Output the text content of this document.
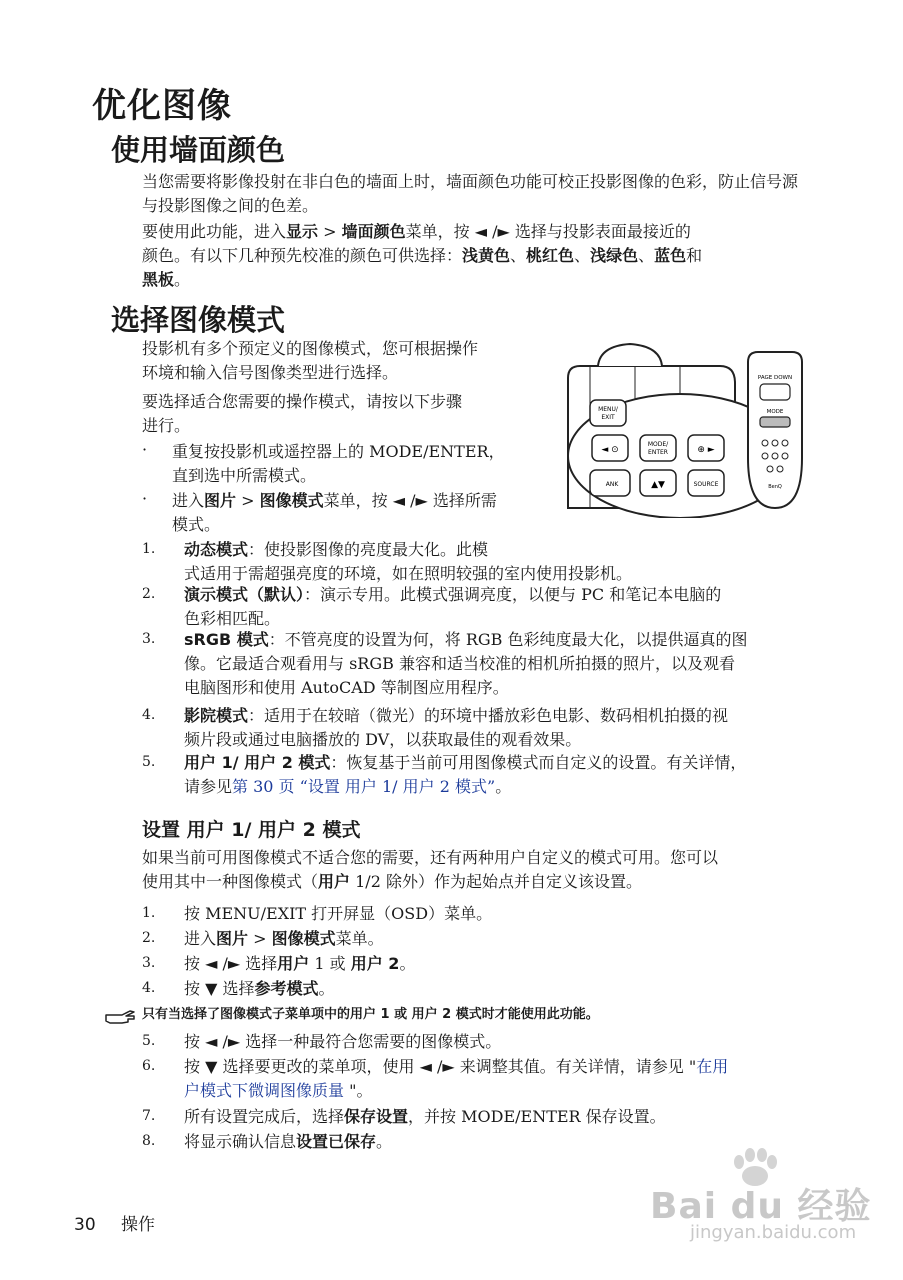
优化图像
使用墙面颜色
当您需要将影像投射在非白色的墙面上时，墙面颜色功能可校正投影图像的色彩，防止信号源与投影图像之间的色差。
要使用此功能，进入显示 > 墙面颜色菜单，按 ◄ /► 选择与投影表面最接近的
颜色。有以下几种预先校准的颜色可供选择：浅黄色、桃红色、浅绿色、蓝色和
黑板。
选择图像模式
投影机有多个预定义的图像模式，您可根据操作
环境和输入信号图像类型进行选择。
要选择适合您需要的操作模式，请按以下步骤
进行。
· 重复按投影机或遥控器上的 MODE/ENTER，
直到选中所需模式。
· 进入图片 > 图像模式菜单，按 ◄ /► 选择所需
模式。
MENU/
EXIT
◄ ⊙
MODE/
ENTER	⊕ ►
▲▼	SOURCE
ANK
PAGE DOWN
MODE
BenQ
1.	动态模式：使投影图像的亮度最大化。此模
式适用于需超强亮度的环境，如在照明较强的室内使用投影机。
2.	演示模式（默认）：演示专用。此模式强调亮度，以便与 PC 和笔记本电脑的
色彩相匹配。
3.	sRGB 模式：不管亮度的设置为何，将 RGB 色彩纯度最大化，以提供逼真的图
像。它最适合观看用与 sRGB 兼容和适当校准的相机所拍摄的照片，以及观看
电脑图形和使用 AutoCAD 等制图应用程序。
4.	影院模式：适用于在较暗（微光）的环境中播放彩色电影、数码相机拍摄的视
频片段或通过电脑播放的 DV，以获取最佳的观看效果。
5.	用户 1/ 用户 2 模式：恢复基于当前可用图像模式而自定义的设置。有关详情，
请参见第 30 页 “设置 用户 1/ 用户 2 模式”。
设置 用户 1/ 用户 2 模式
如果当前可用图像模式不适合您的需要，还有两种用户自定义的模式可用。您可以
使用其中一种图像模式（用户 1/2 除外）作为起始点并自定义该设置。
1.	按 MENU/EXIT 打开屏显（OSD）菜单。
2.	进入图片 > 图像模式菜单。
3.	按 ◄ /► 选择用户 1 或 用户 2。
4.	按 ▼ 选择参考模式。
只有当选择了图像模式子菜单项中的用户 1 或 用户 2 模式时才能使用此功能。
5.	按 ◄ /► 选择一种最符合您需要的图像模式。
6.	按 ▼ 选择要更改的菜单项，使用 ◄ /► 来调整其值。有关详情，请参见 "在用
户模式下微调图像质量 "。
7.	所有设置完成后，选择保存设置，并按 MODE/ENTER 保存设置。
8.	将显示确认信息设置已保存。
30 操作	Bai du 经验
jingyan.baidu.com
